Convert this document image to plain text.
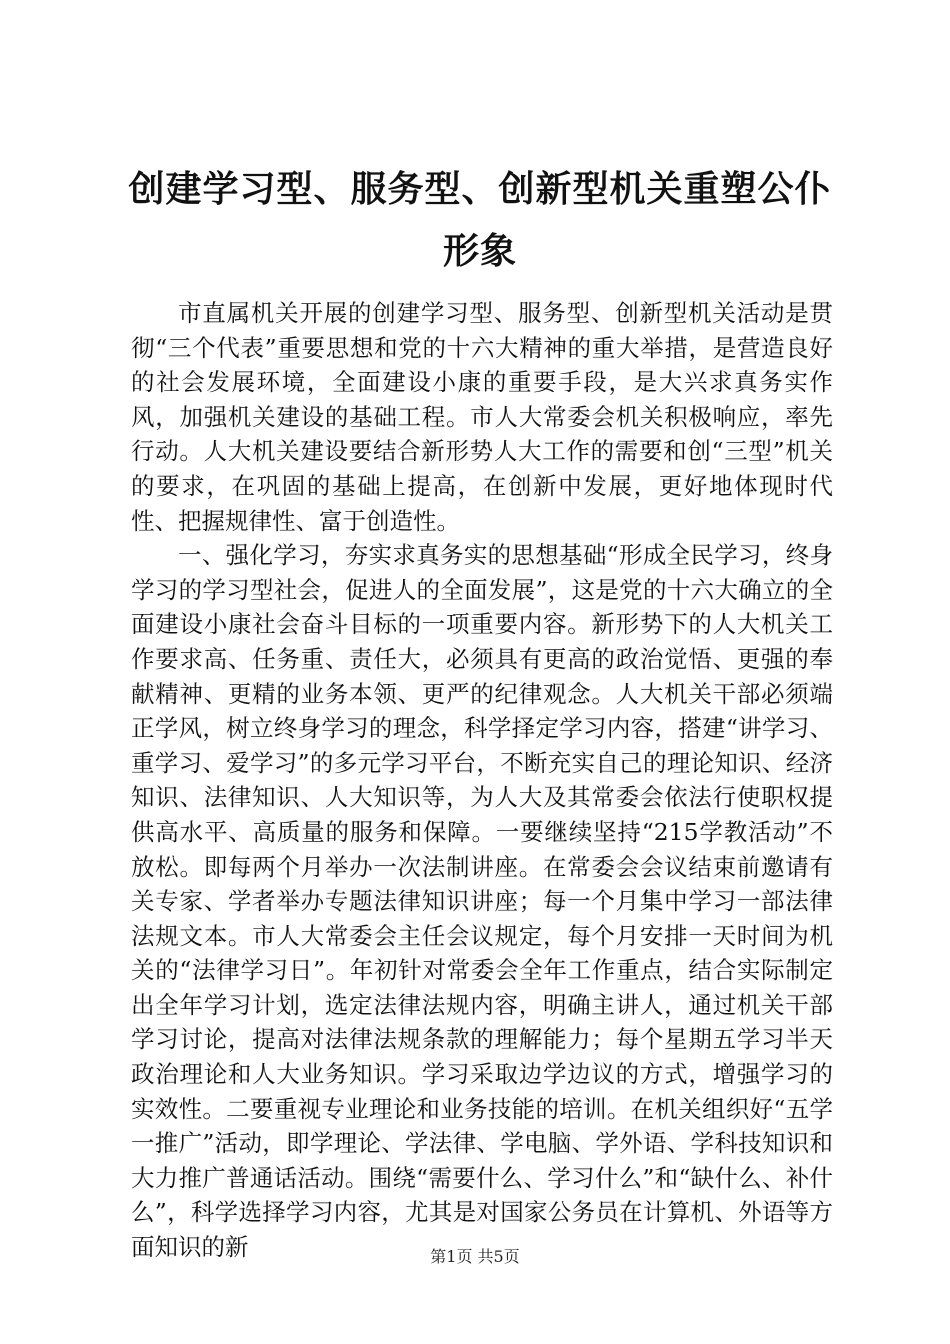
创建学习型、服务型、创新型机关重塑公仆形象

市直属机关开展的创建学习型、服务型、创新型机关活动是贯彻“三个代表”重要思想和党的十六大精神的重大举措，是营造良好的社会发展环境，全面建设小康的重要手段，是大兴求真务实作风，加强机关建设的基础工程。市人大常委会机关积极响应，率先行动。人大机关建设要结合新形势人大工作的需要和创“三型”机关的要求，在巩固的基础上提高，在创新中发展，更好地体现时代性、把握规律性、富于创造性。

一、强化学习，夯实求真务实的思想基础“形成全民学习，终身学习的学习型社会，促进人的全面发展”，这是党的十六大确立的全面建设小康社会奋斗目标的一项重要内容。新形势下的人大机关工作要求高、任务重、责任大，必须具有更高的政治觉悟、更强的奉献精神、更精的业务本领、更严的纪律观念。人大机关干部必须端正学风，树立终身学习的理念，科学择定学习内容，搭建“讲学习、重学习、爱学习”的多元学习平台，不断充实自己的理论知识、经济知识、法律知识、人大知识等，为人大及其常委会依法行使职权提供高水平、高质量的服务和保障。一要继续坚持“215学教活动”不放松。即每两个月举办一次法制讲座。在常委会会议结束前邀请有关专家、学者举办专题法律知识讲座；每一个月集中学习一部法律法规文本。市人大常委会主任会议规定，每个月安排一天时间为机关的“法律学习日”。年初针对常委会全年工作重点，结合实际制定出全年学习计划，选定法律法规内容，明确主讲人，通过机关干部学习讨论，提高对法律法规条款的理解能力；每个星期五学习半天政治理论和人大业务知识。学习采取边学边议的方式，增强学习的实效性。二要重视专业理论和业务技能的培训。在机关组织好“五学一推广”活动，即学理论、学法律、学电脑、学外语、学科技知识和大力推广普通话活动。围绕“需要什么、学习什么”和“缺什么、补什么”，科学选择学习内容，尤其是对国家公务员在计算机、外语等方面知识的新	第1页 共5页
